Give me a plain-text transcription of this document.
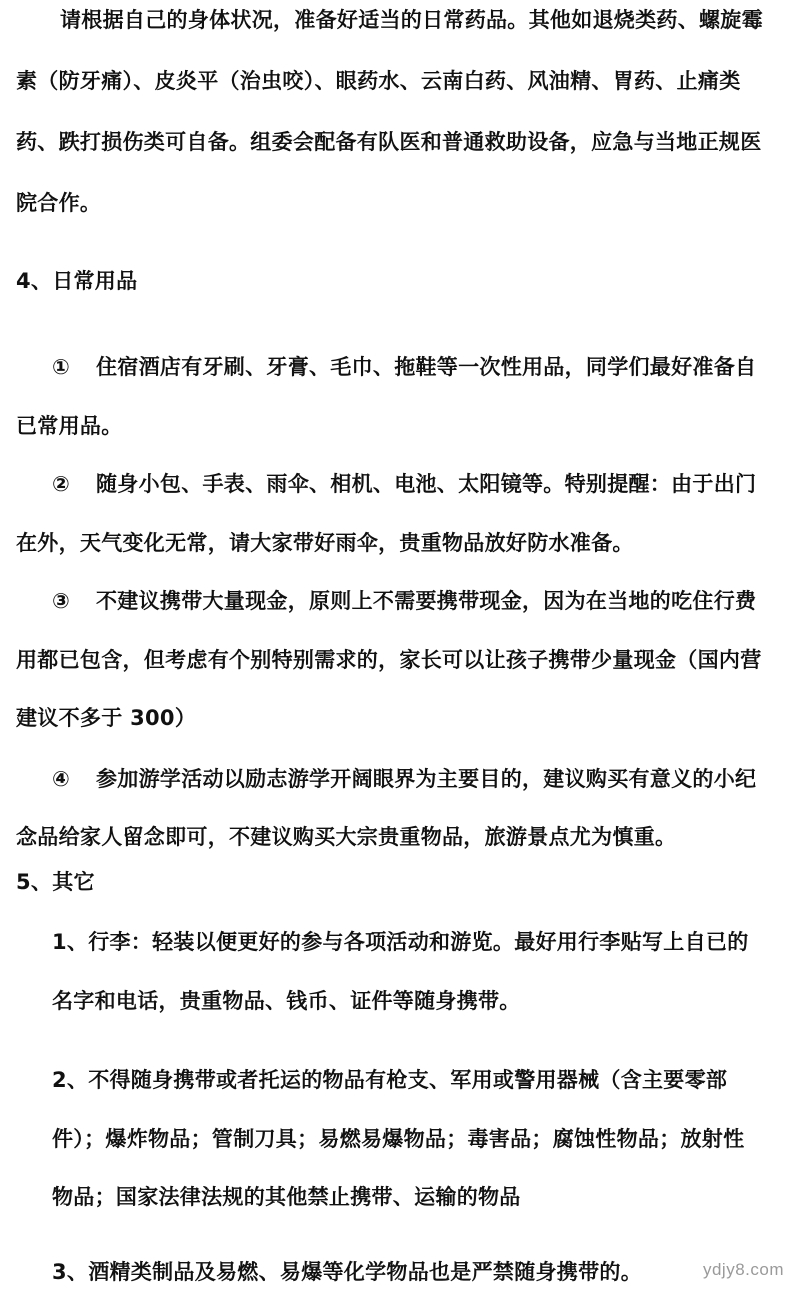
请根据自己的身体状况，准备好适当的日常药品。其他如退烧类药、螺旋霉
素（防牙痛）、皮炎平（治虫咬）、眼药水、云南白药、风油精、胃药、止痛类
药、跌打损伤类可自备。组委会配备有队医和普通救助设备，应急与当地正规医
院合作。
4、日常用品
① 住宿酒店有牙刷、牙膏、毛巾、拖鞋等一次性用品，同学们最好准备自
已常用品。
② 随身小包、手表、雨伞、相机、电池、太阳镜等。特别提醒：由于出门
在外，天气变化无常，请大家带好雨伞，贵重物品放好防水准备。
③ 不建议携带大量现金，原则上不需要携带现金，因为在当地的吃住行费
用都已包含，但考虑有个别特别需求的，家长可以让孩子携带少量现金（国内营
建议不多于 300）
④ 参加游学活动以励志游学开阔眼界为主要目的，建议购买有意义的小纪
念品给家人留念即可，不建议购买大宗贵重物品，旅游景点尤为慎重。
5、其它
1、行李：轻装以便更好的参与各项活动和游览。最好用行李贴写上自已的
名字和电话，贵重物品、钱币、证件等随身携带。
2、不得随身携带或者托运的物品有枪支、军用或警用器械（含主要零部
件）；爆炸物品；管制刀具；易燃易爆物品；毒害品；腐蚀性物品；放射性
物品；国家法律法规的其他禁止携带、运输的物品
3、酒精类制品及易燃、易爆等化学物品也是严禁随身携带的。	ydjy8.com
